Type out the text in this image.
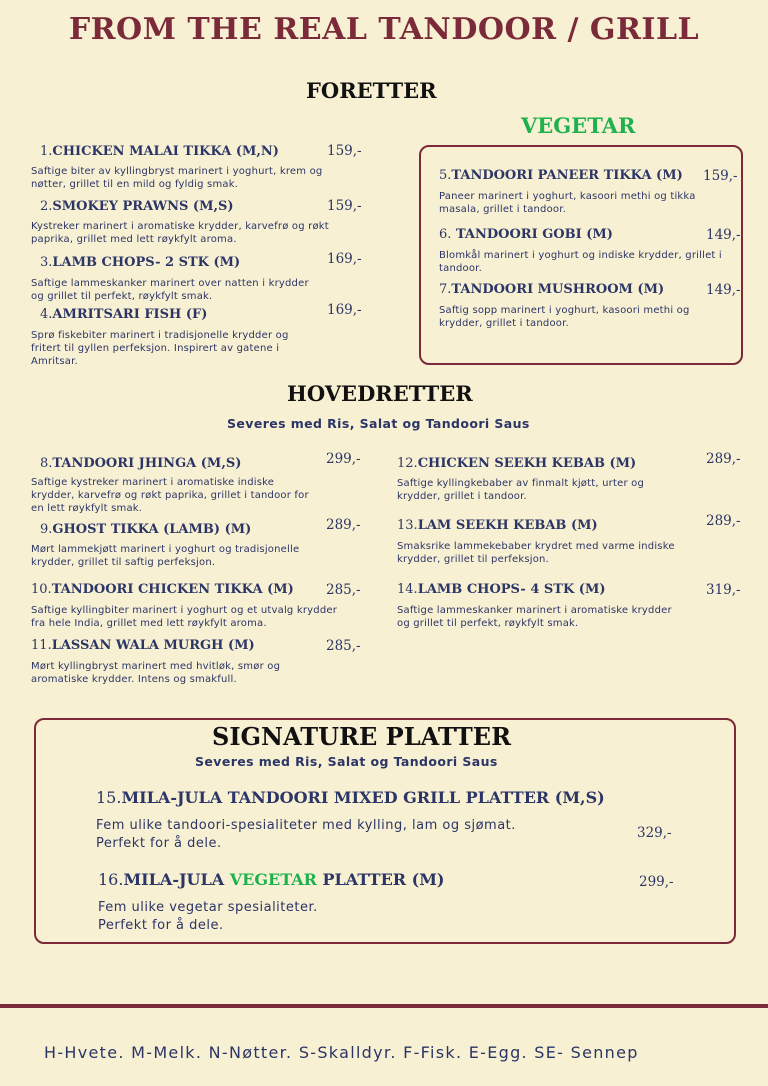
FROM THE REAL TANDOOR / GRILL
FORETTER
1.CHICKEN MALAI TIKKA (M,N)	159,-
Saftige biter av kyllingbryst marinert i yoghurt, krem og nøtter, grillet til en mild og fyldig smak.
2.SMOKEY PRAWNS (M,S)	159,-
Kystreker marinert i aromatiske krydder, karvefrø og røkt paprika, grillet med lett røykfylt aroma.
3.LAMB CHOPS- 2 STK (M)	169,-
Saftige lammeskanker marinert over natten i krydder og grillet til perfekt, røykfylt smak.
4.AMRITSARI FISH (F)	169,-
Sprø fiskebiter marinert i tradisjonelle krydder og fritert til gyllen perfeksjon. Inspirert av gatene i Amritsar.
VEGETAR
5.TANDOORI PANEER TIKKA (M) 159,-
Paneer marinert i yoghurt, kasoori methi og tikka masala, grillet i tandoor.
6. TANDOORI GOBI (M)	149,-
Blomkål marinert i yoghurt og indiske krydder, grillet i tandoor.
7.TANDOORI MUSHROOM (M)	149,-
Saftig sopp marinert i yoghurt, kasoori methi og krydder, grillet i tandoor.
HOVEDRETTER
Severes med Ris, Salat og Tandoori Saus
8.TANDOORI JHINGA (M,S)	299,-
Saftige kystreker marinert i aromatiske indiske krydder, karvefrø og røkt paprika, grillet i tandoor for en lett røykfylt smak.
9.GHOST TIKKA (LAMB) (M)	289,-
Mørt lammekjøtt marinert i yoghurt og tradisjonelle krydder, grillet til saftig perfeksjon.
10.TANDOORI CHICKEN TIKKA (M) 285,-
Saftige kyllingbiter marinert i yoghurt og et utvalg krydder fra hele India, grillet med lett røykfylt aroma.
11.LASSAN WALA MURGH (M)	285,-
Mørt kyllingbryst marinert med hvitløk, smør og aromatiske krydder. Intens og smakfull.
12.CHICKEN SEEKH KEBAB (M)	289,-
Saftige kyllingkebaber av finmalt kjøtt, urter og krydder, grillet i tandoor.
13.LAM SEEKH KEBAB (M)	289,-
Smaksrike lammekebaber krydret med varme indiske krydder, grillet til perfeksjon.
14.LAMB CHOPS- 4 STK (M)	319,-
Saftige lammeskanker marinert i aromatiske krydder og grillet til perfekt, røykfylt smak.
SIGNATURE PLATTER
Severes med Ris, Salat og Tandoori Saus
15.MILA-JULA TANDOORI MIXED GRILL PLATTER (M,S)
329,-
Fem ulike tandoori-spesialiteter med kylling, lam og sjømat.
Perfekt for å dele.
16.MILA-JULA VEGETAR PLATTER (M)	299,-
Fem ulike vegetar spesialiteter.
Perfekt for å dele.
H-Hvete. M-Melk. N-Nøtter. S-Skalldyr. F-Fisk. E-Egg. SE- Sennep
